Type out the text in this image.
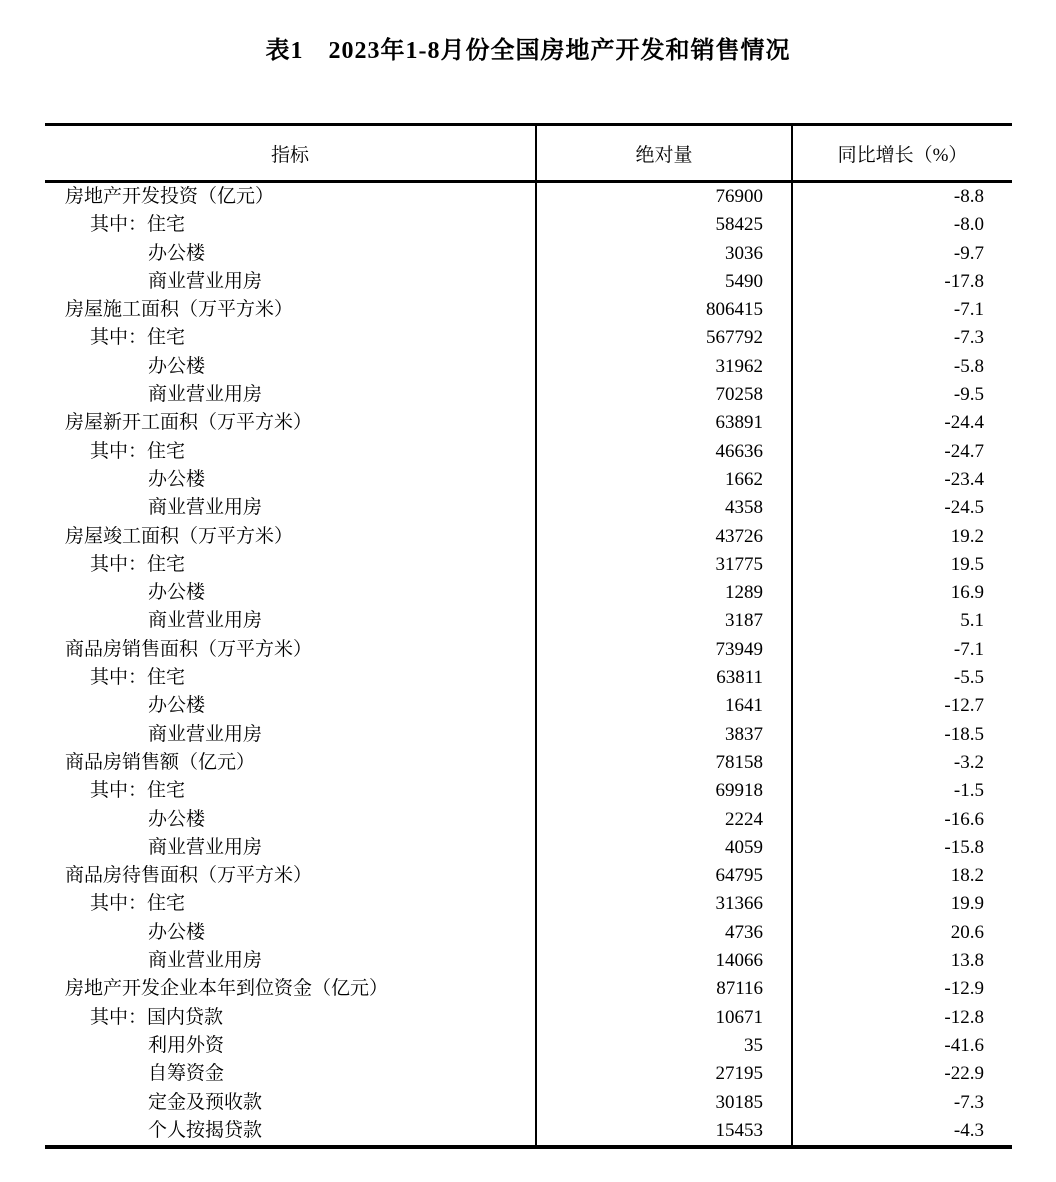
表1　2023年1-8月份全国房地产开发和销售情况
指标	绝对量	同比增长（%）
房地产开发投资（亿元）	76900	-8.8
其中：住宅	58425	-8.0
办公楼	3036	-9.7
商业营业用房	5490	-17.8
房屋施工面积（万平方米）	806415	-7.1
其中：住宅	567792	-7.3
办公楼	31962	-5.8
商业营业用房	70258	-9.5
房屋新开工面积（万平方米）	63891	-24.4
其中：住宅	46636	-24.7
办公楼	1662	-23.4
商业营业用房	4358	-24.5
房屋竣工面积（万平方米）	43726	19.2
其中：住宅	31775	19.5
办公楼	1289	16.9
商业营业用房	3187	5.1
商品房销售面积（万平方米）	73949	-7.1
其中：住宅	63811	-5.5
办公楼	1641	-12.7
商业营业用房	3837	-18.5
商品房销售额（亿元）	78158	-3.2
其中：住宅	69918	-1.5
办公楼	2224	-16.6
商业营业用房	4059	-15.8
商品房待售面积（万平方米）	64795	18.2
其中：住宅	31366	19.9
办公楼	4736	20.6
商业营业用房	14066	13.8
房地产开发企业本年到位资金（亿元）	87116	-12.9
其中：国内贷款	10671	-12.8
利用外资	35	-41.6
自筹资金	27195	-22.9
定金及预收款	30185	-7.3
个人按揭贷款	15453	-4.3
